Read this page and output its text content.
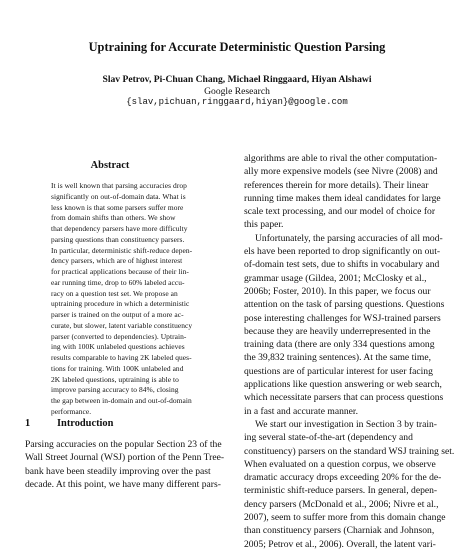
Uptraining for Accurate Deterministic Question Parsing
Slav Petrov, Pi-Chuan Chang, Michael Ringgaard, Hiyan Alshawi
Google Research
{slav,pichuan,ringgaard,hiyan}@google.com
Abstract
It is well known that parsing accuracies drop
significantly on out-of-domain data. What is
less known is that some parsers suffer more
from domain shifts than others. We show
that dependency parsers have more difficulty
parsing questions than constituency parsers.
In particular, deterministic shift-reduce depen-
dency parsers, which are of highest interest
for practical applications because of their lin-
ear running time, drop to 60% labeled accu-
racy on a question test set. We propose an
uptraining procedure in which a deterministic
parser is trained on the output of a more ac-
curate, but slower, latent variable constituency
parser (converted to dependencies). Uptrain-
ing with 100K unlabeled questions achieves
results comparable to having 2K labeled ques-
tions for training. With 100K unlabeled and
2K labeled questions, uptraining is able to
improve parsing accuracy to 84%, closing
the gap between in-domain and out-of-domain
performance.
1	Introduction
Parsing accuracies on the popular Section 23 of the
Wall Street Journal (WSJ) portion of the Penn Tree-
bank have been steadily improving over the past
decade. At this point, we have many different pars-
algorithms are able to rival the other computation-
ally more expensive models (see Nivre (2008) and
references therein for more details). Their linear
running time makes them ideal candidates for large
scale text processing, and our model of choice for
this paper.
Unfortunately, the parsing accuracies of all mod-
els have been reported to drop significantly on out-
of-domain test sets, due to shifts in vocabulary and
grammar usage (Gildea, 2001; McClosky et al.,
2006b; Foster, 2010). In this paper, we focus our
attention on the task of parsing questions. Questions
pose interesting challenges for WSJ-trained parsers
because they are heavily underrepresented in the
training data (there are only 334 questions among
the 39,832 training sentences). At the same time,
questions are of particular interest for user facing
applications like question answering or web search,
which necessitate parsers that can process questions
in a fast and accurate manner.
We start our investigation in Section 3 by train-
ing several state-of-the-art (dependency and
constituency) parsers on the standard WSJ training set.
When evaluated on a question corpus, we observe
dramatic accuracy drops exceeding 20% for the de-
terministic shift-reduce parsers. In general, depen-
dency parsers (McDonald et al., 2006; Nivre et al.,
2007), seem to suffer more from this domain change
than constituency parsers (Charniak and Johnson,
2005; Petrov et al., 2006). Overall, the latent vari-
